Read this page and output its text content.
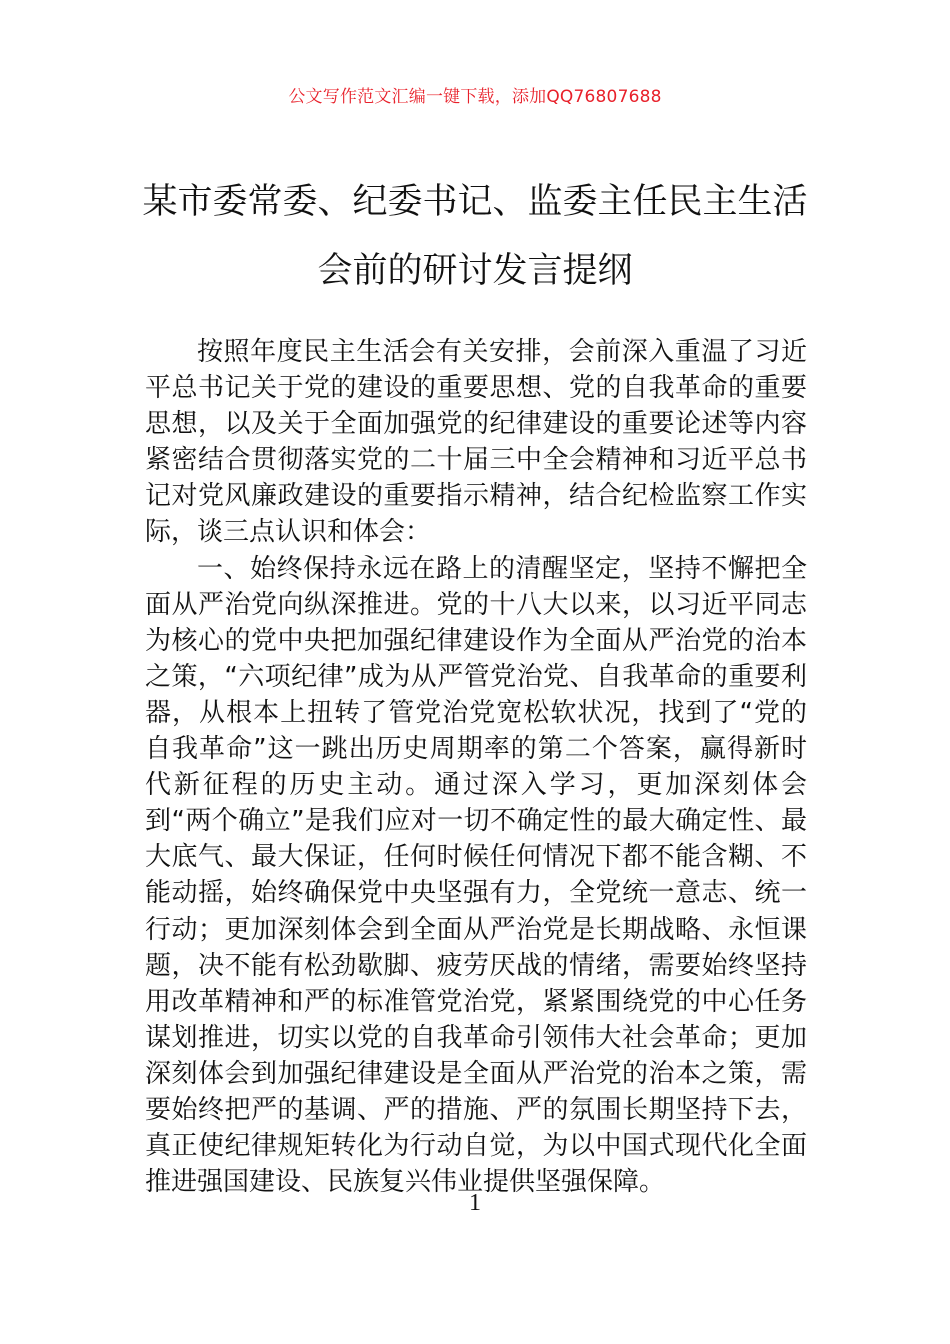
公文写作范文汇编一键下载，添加QQ76807688
某市委常委、纪委书记、监委主任民主生活会前的研讨发言提纲

按照年度民主生活会有关安排，会前深入重温了习近平总书记关于党的建设的重要思想、党的自我革命的重要思想，以及关于全面加强党的纪律建设的重要论述等内容紧密结合贯彻落实党的二十届三中全会精神和习近平总书记对党风廉政建设的重要指示精神，结合纪检监察工作实际，谈三点认识和体会：

一、始终保持永远在路上的清醒坚定，坚持不懈把全面从严治党向纵深推进。党的十八大以来，以习近平同志为核心的党中央把加强纪律建设作为全面从严治党的治本之策，“六项纪律”成为从严管党治党、自我革命的重要利器，从根本上扭转了管党治党宽松软状况，找到了“党的自我革命”这一跳出历史周期率的第二个答案，赢得新时代新征程的历史主动。通过深入学习，更加深刻体会到“两个确立”是我们应对一切不确定性的最大确定性、最大底气、最大保证，任何时候任何情况下都不能含糊、不能动摇，始终确保党中央坚强有力，全党统一意志、统一行动；更加深刻体会到全面从严治党是长期战略、永恒课题，决不能有松劲歇脚、疲劳厌战的情绪，需要始终坚持用改革精神和严的标准管党治党，紧紧围绕党的中心任务谋划推进，切实以党的自我革命引领伟大社会革命；更加深刻体会到加强纪律建设是全面从严治党的治本之策，需要始终把严的基调、严的措施、严的氛围长期坚持下去，真正使纪律规矩转化为行动自觉，为以中国式现代化全面推进强国建设、民族复兴伟业提供坚强保障。

1
